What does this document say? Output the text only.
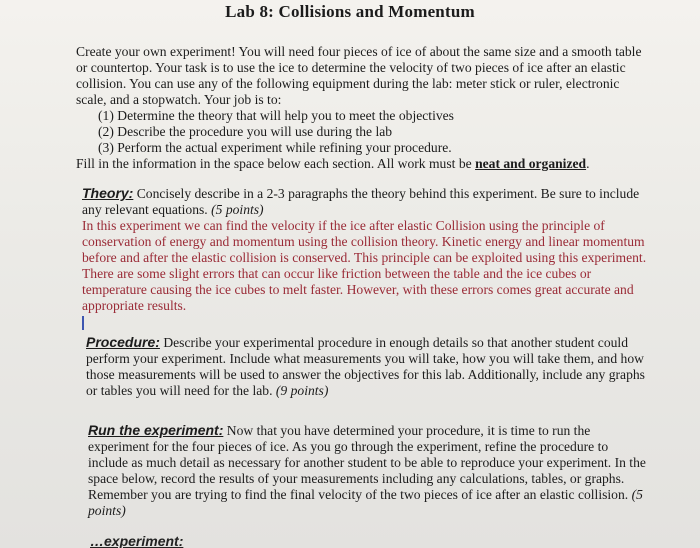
Lab 8: Collisions and Momentum

Create your own experiment! You will need four pieces of ice of about the same size and a smooth table or countertop. Your task is to use the ice to determine the velocity of two pieces of ice after an elastic collision. You can use any of the following equipment during the lab: meter stick or ruler, electronic scale, and a stopwatch. Your job is to:

(1) Determine the theory that will help you to meet the objectives
(2) Describe the procedure you will use during the lab
(3) Perform the actual experiment while refining your procedure.

Fill in the information in the space below each section. All work must be neat and organized.

Theory: Concisely describe in a 2-3 paragraphs the theory behind this experiment. Be sure to include any relevant equations. (5 points)

In this experiment we can find the velocity if the ice after elastic Collision using the principle of conservation of energy and momentum using the collision theory. Kinetic energy and linear momentum before and after the elastic collision is conserved. This principle can be exploited using this experiment. There are some slight errors that can occur like friction between the table and the ice cubes or temperature causing the ice cubes to melt faster. However, with these errors comes great accurate and appropriate results.

Procedure: Describe your experimental procedure in enough details so that another student could perform your experiment. Include what measurements you will take, how you will take them, and how those measurements will be used to answer the objectives for this lab. Additionally, include any graphs or tables you will need for the lab. (9 points)

Run the experiment: Now that you have determined your procedure, it is time to run the experiment for the four pieces of ice. As you go through the experiment, refine the procedure to include as much detail as necessary for another student to be able to reproduce your experiment. In the space below, record the results of your measurements including any calculations, tables, or graphs. Remember you are trying to find the final velocity of the two pieces of ice after an elastic collision. (5 points)

…experiment:
